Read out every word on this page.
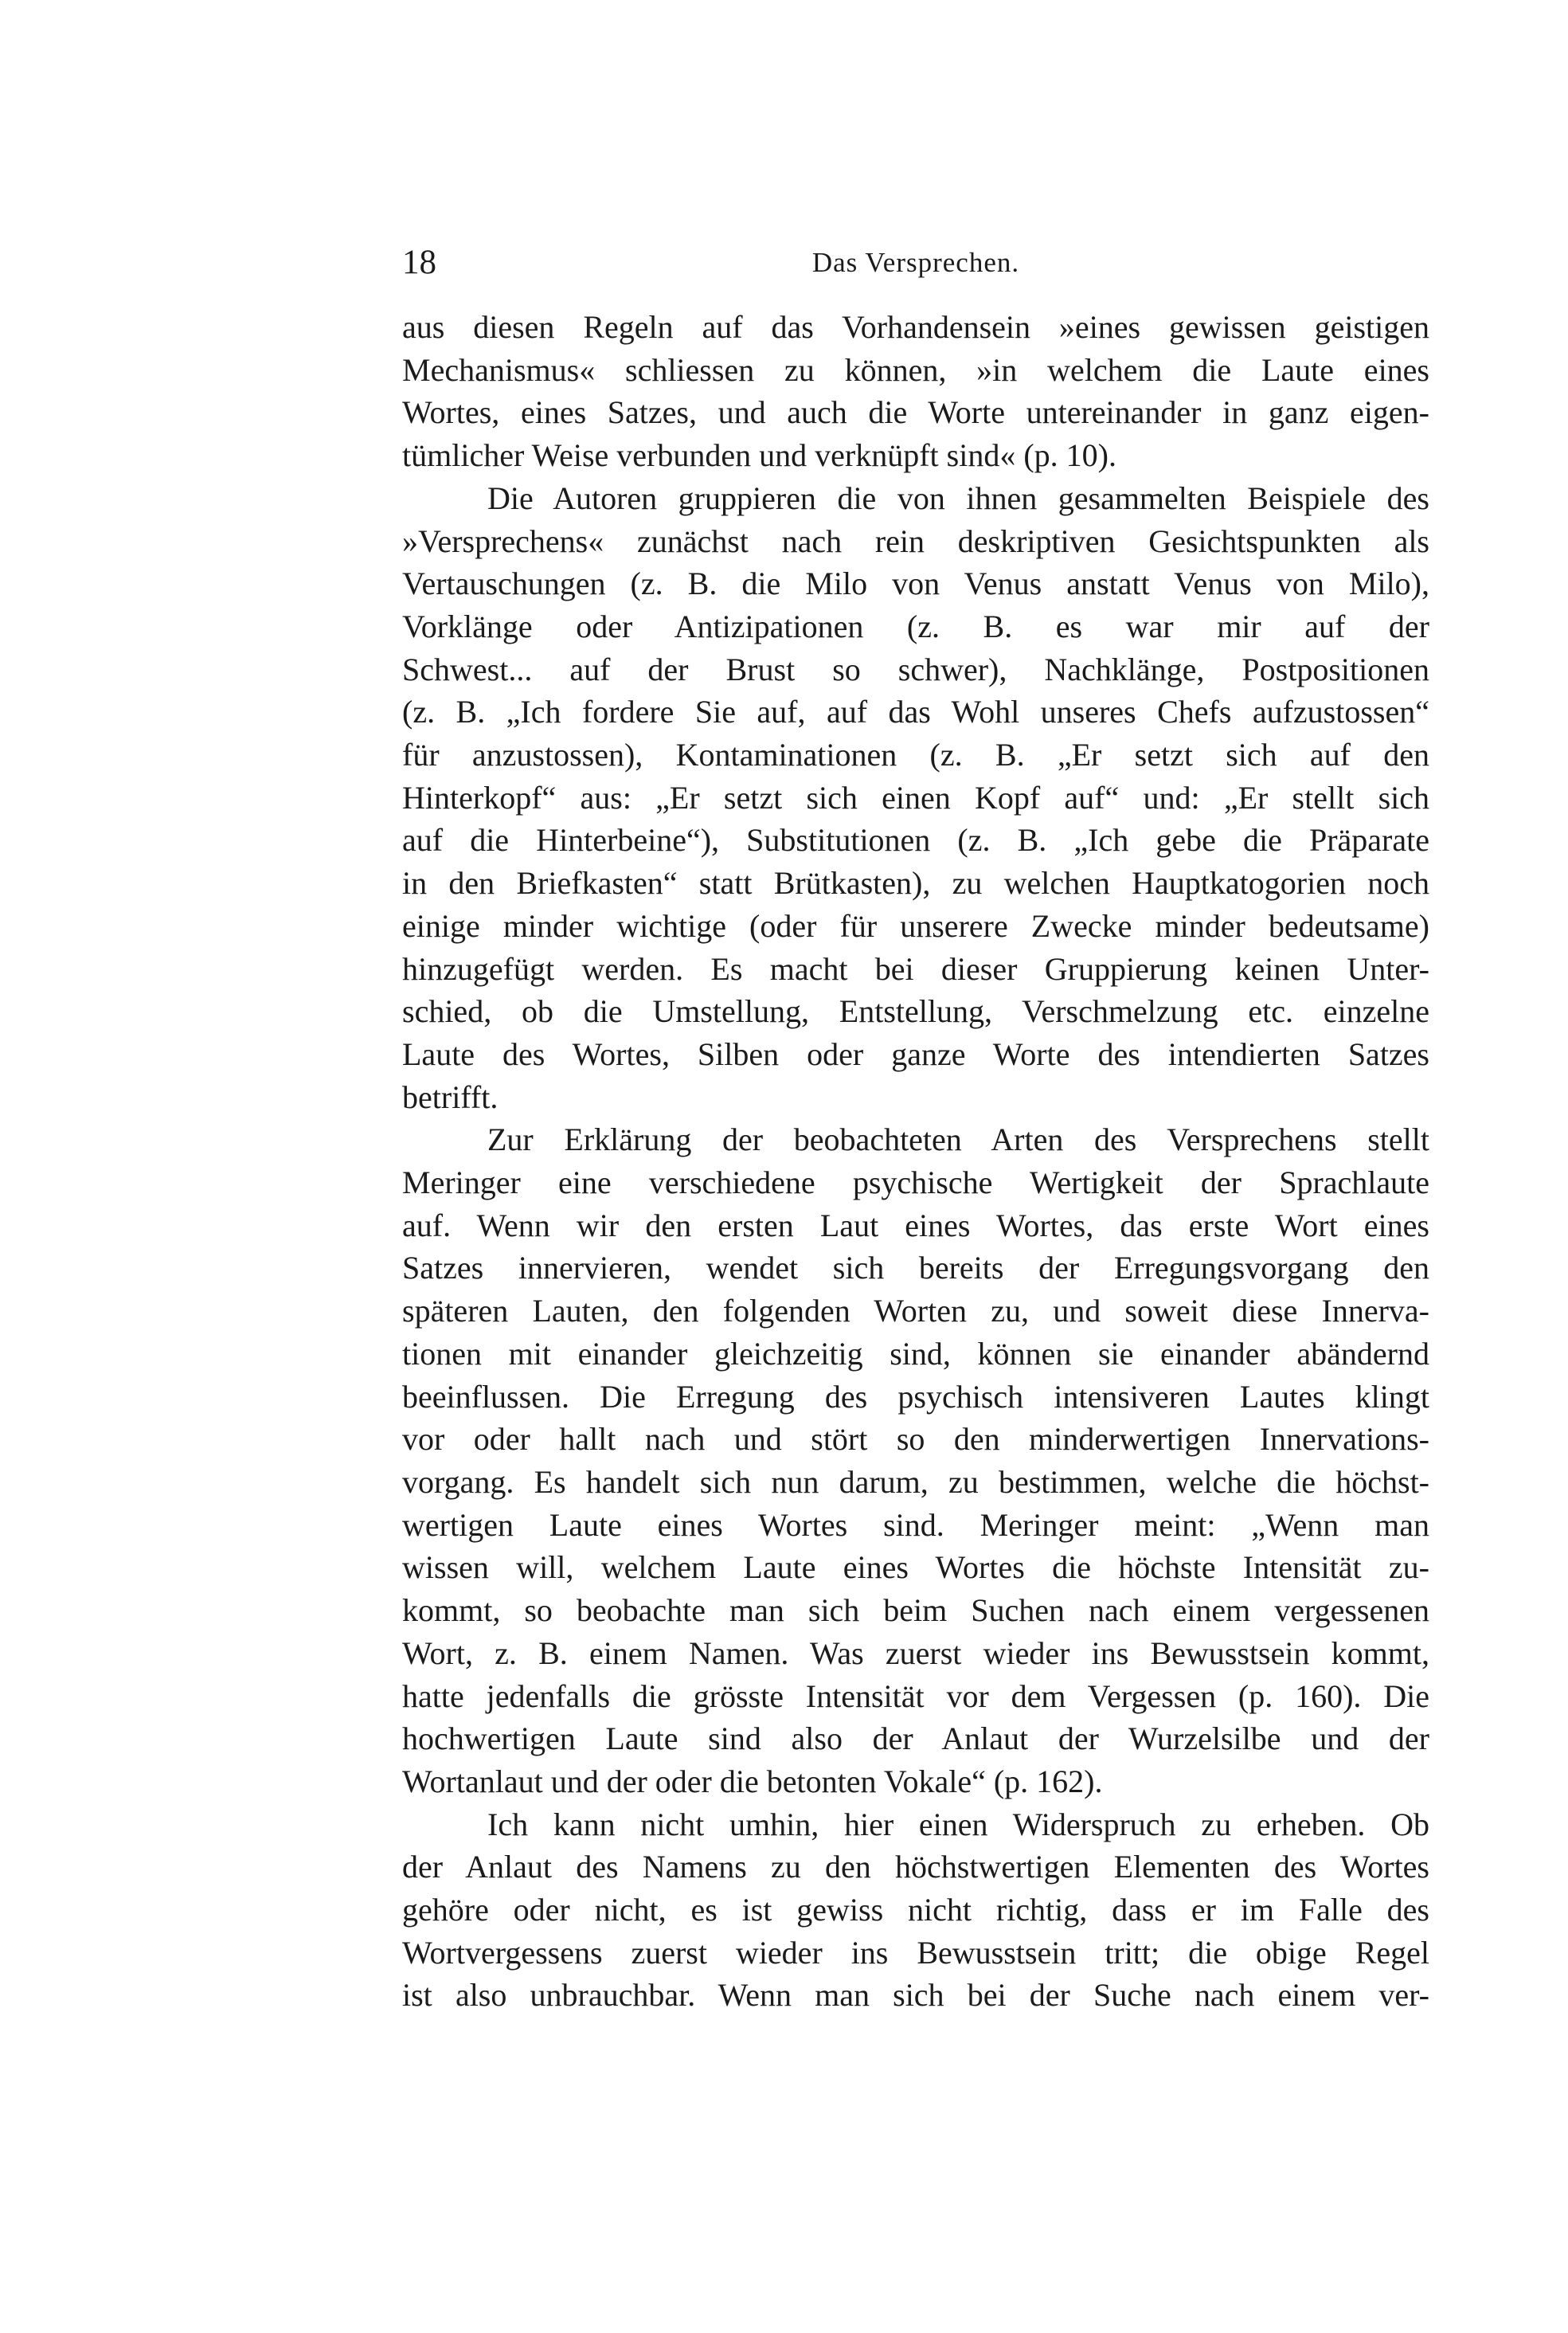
18	Das Versprechen.

aus diesen Regeln auf das Vorhandensein »eines gewissen geistigen
Mechanismus« schliessen zu können, »in welchem die Laute eines
Wortes, eines Satzes, und auch die Worte untereinander in ganz eigen-
tümlicher Weise verbunden und verknüpft sind« (p. 10).

Die Autoren gruppieren die von ihnen gesammelten Beispiele des
»Versprechens« zunächst nach rein deskriptiven Gesichtspunkten als
Vertauschungen (z. B. die Milo von Venus anstatt Venus von Milo),
Vorklänge oder Antizipationen (z. B. es war mir auf der
Schwest... auf der Brust so schwer), Nachklänge, Postpositionen
(z. B. „Ich fordere Sie auf, auf das Wohl unseres Chefs aufzustossen“
für anzustossen), Kontaminationen (z. B. „Er setzt sich auf den
Hinterkopf“ aus: „Er setzt sich einen Kopf auf“ und: „Er stellt sich
auf die Hinterbeine“), Substitutionen (z. B. „Ich gebe die Präparate
in den Briefkasten“ statt Brütkasten), zu welchen Hauptkatogorien noch
einige minder wichtige (oder für unserere Zwecke minder bedeutsame)
hinzugefügt werden. Es macht bei dieser Gruppierung keinen Unter-
schied, ob die Umstellung, Entstellung, Verschmelzung etc. einzelne
Laute des Wortes, Silben oder ganze Worte des intendierten Satzes
betrifft.

Zur Erklärung der beobachteten Arten des Versprechens stellt
Meringer eine verschiedene psychische Wertigkeit der Sprachlaute
auf. Wenn wir den ersten Laut eines Wortes, das erste Wort eines
Satzes innervieren, wendet sich bereits der Erregungsvorgang den
späteren Lauten, den folgenden Worten zu, und soweit diese Innerva-
tionen mit einander gleichzeitig sind, können sie einander abändernd
beeinflussen. Die Erregung des psychisch intensiveren Lautes klingt
vor oder hallt nach und stört so den minderwertigen Innervations-
vorgang. Es handelt sich nun darum, zu bestimmen, welche die höchst-
wertigen Laute eines Wortes sind. Meringer meint: „Wenn man
wissen will, welchem Laute eines Wortes die höchste Intensität zu-
kommt, so beobachte man sich beim Suchen nach einem vergessenen
Wort, z. B. einem Namen. Was zuerst wieder ins Bewusstsein kommt,
hatte jedenfalls die grösste Intensität vor dem Vergessen (p. 160). Die
hochwertigen Laute sind also der Anlaut der Wurzelsilbe und der
Wortanlaut und der oder die betonten Vokale“ (p. 162).

Ich kann nicht umhin, hier einen Widerspruch zu erheben. Ob
der Anlaut des Namens zu den höchstwertigen Elementen des Wortes
gehöre oder nicht, es ist gewiss nicht richtig, dass er im Falle des
Wortvergessens zuerst wieder ins Bewusstsein tritt; die obige Regel
ist also unbrauchbar. Wenn man sich bei der Suche nach einem ver-
